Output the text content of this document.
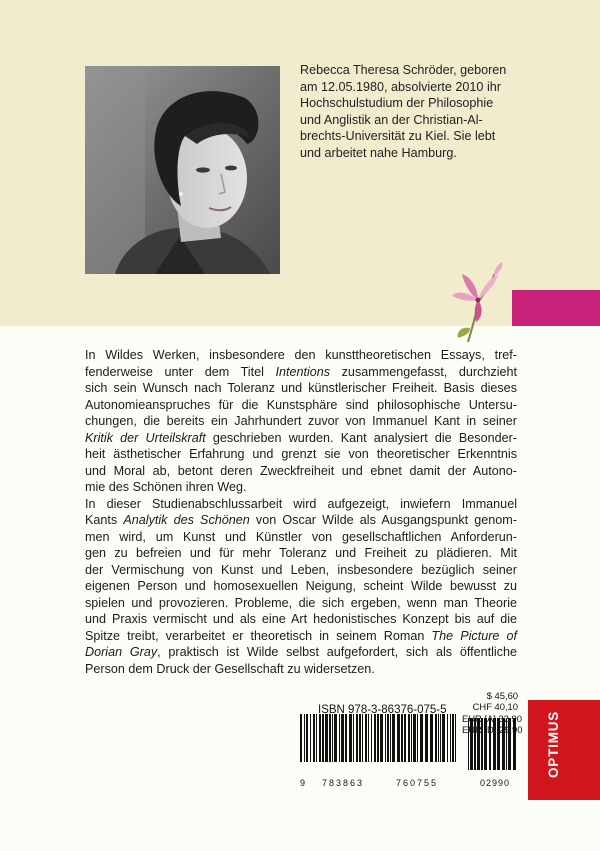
Rebecca Theresa Schröder, geboren
am 12.05.1980, absolvierte 2010 ihr
Hochschulstudium der Philosophie
und Anglistik an der Christian-Al-
brechts-Universität zu Kiel. Sie lebt
und arbeitet nahe Hamburg.
In Wildes Werken, insbesondere den kunsttheoretischen Essays, tref-
fenderweise unter dem Titel Intentions zusammengefasst, durchzieht
sich sein Wunsch nach Toleranz und künstlerischer Freiheit. Basis dieses
Autonomieanspruches für die Kunstsphäre sind philosophische Untersu-
chungen, die bereits ein Jahrhundert zuvor von Immanuel Kant in seiner
Kritik der Urteilskraft geschrieben wurden. Kant analysiert die Besonder-
heit ästhetischer Erfahrung und grenzt sie von theoretischer Erkenntnis
und Moral ab, betont deren Zweckfreiheit und ebnet damit der Autono-
mie des Schönen ihren Weg.
In dieser Studienabschlussarbeit wird aufgezeigt, inwiefern Immanuel
Kants Analytik des Schönen von Oscar Wilde als Ausgangspunkt genom-
men wird, um Kunst und Künstler von gesellschaftlichen Anforderun-
gen zu befreien und für mehr Toleranz und Freiheit zu plädieren. Mit
der Vermischung von Kunst und Leben, insbesondere bezüglich seiner
eigenen Person und homosexuellen Neigung, scheint Wilde bewusst zu
spielen und provozieren. Probleme, die sich ergeben, wenn man Theorie
und Praxis vermischt und als eine Art hedonistisches Konzept bis auf die
Spitze treibt, verarbeitet er theoretisch in seinem Roman The Picture of
Dorian Gray, praktisch ist Wilde selbst aufgefordert, sich als öffentliche
Person dem Druck der Gesellschaft zu widersetzen.
ISBN 978-3-86376-075-5
9 783863	760755	02990
$ 45,60
CHF 40,10
EUR [A] 32,90
EUR [D] 29,90 OPTIMUS
